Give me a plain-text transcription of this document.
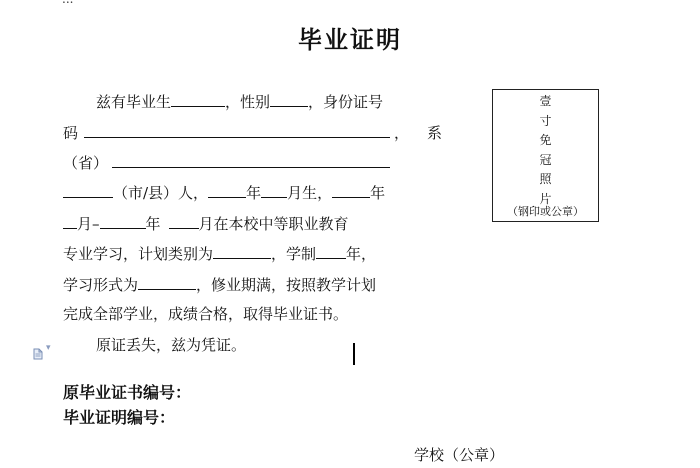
毕业证明
兹有毕业生	，性别	，身份证号
码	， 系
（省）
（市/县）人，	年 月生，	年
月–	年	月在本校中等职业教育
专业学习，计划类别为	，学制 年，
学习形式为	，修业期满，按照教学计划
完成全部学业，成绩合格，取得毕业证书。
原证丢失，兹为凭证。
壹
寸
免
冠
照
片
（钢印或公章）
▾
原毕业证书编号：
毕业证明编号：
学校（公章）
